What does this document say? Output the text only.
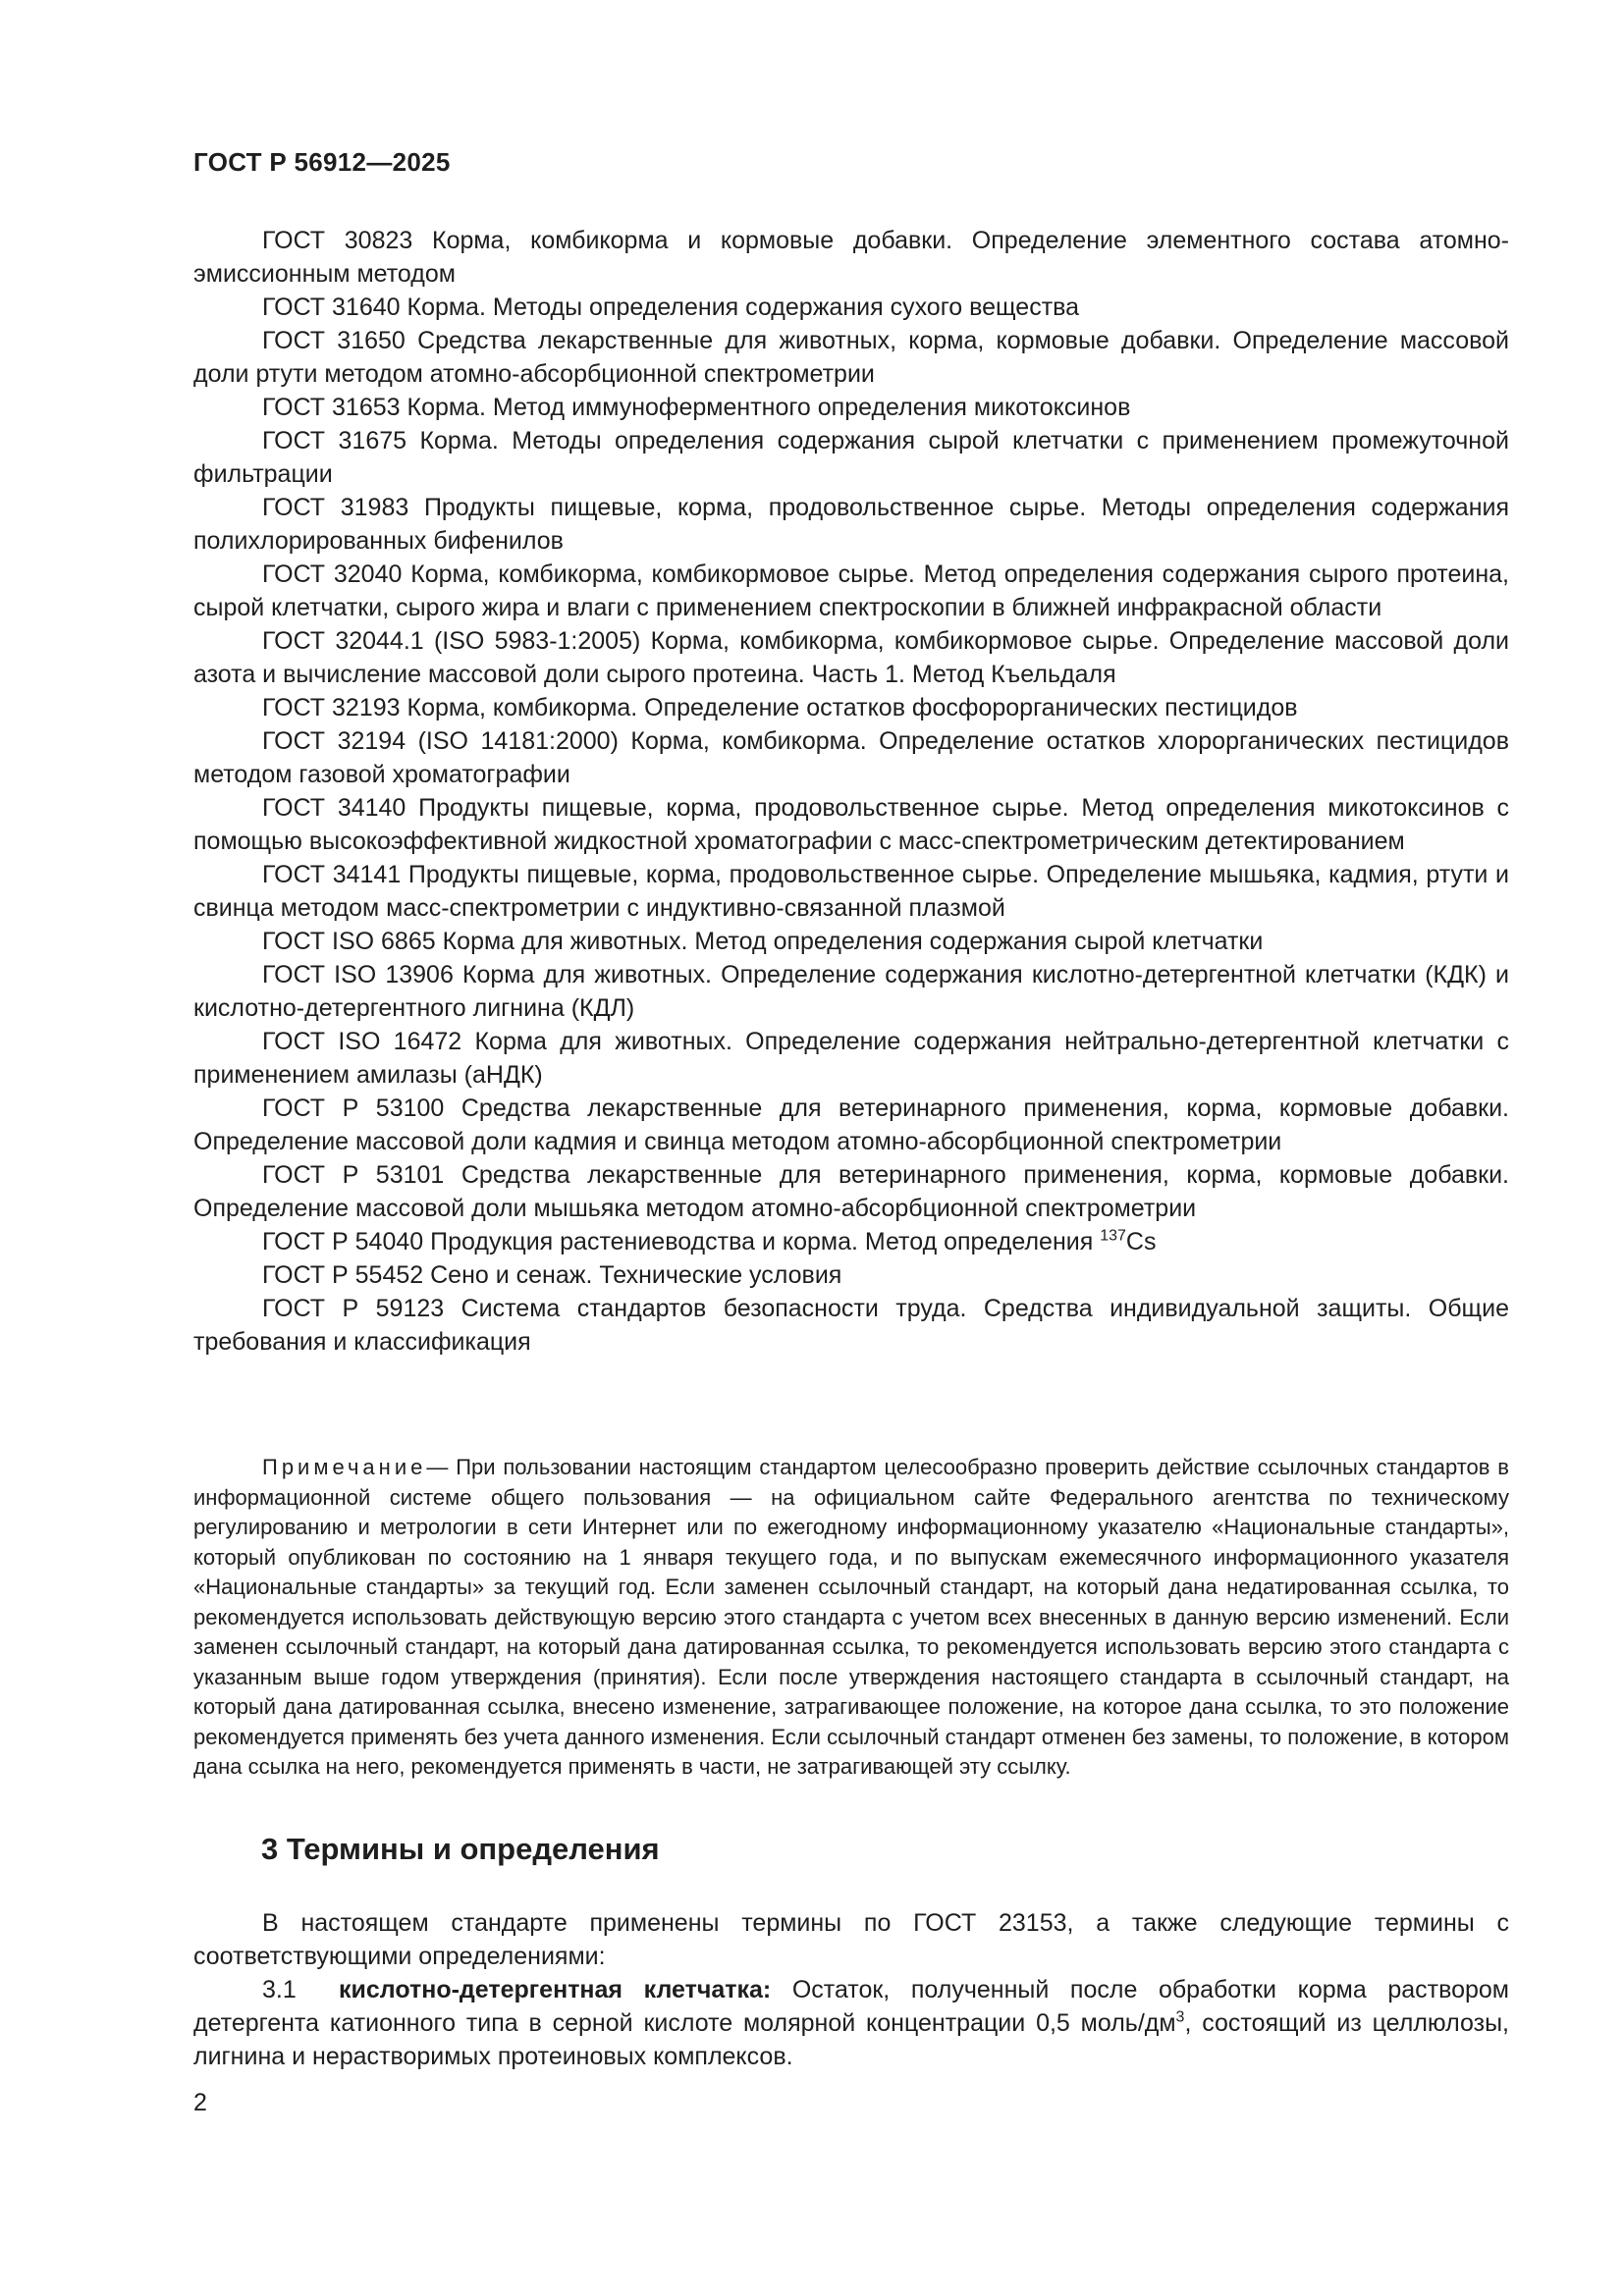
ГОСТ Р 56912—2025

ГОСТ 30823 Корма, комбикорма и кормовые добавки. Определение элементного состава атомно-эмиссионным методом

ГОСТ 31640 Корма. Методы определения содержания сухого вещества

ГОСТ 31650 Средства лекарственные для животных, корма, кормовые добавки. Определение массовой доли ртути методом атомно-абсорбционной спектрометрии

ГОСТ 31653 Корма. Метод иммуноферментного определения микотоксинов

ГОСТ 31675 Корма. Методы определения содержания сырой клетчатки с применением промежуточной фильтрации

ГОСТ 31983 Продукты пищевые, корма, продовольственное сырье. Методы определения содержания полихлорированных бифенилов

ГОСТ 32040 Корма, комбикорма, комбикормовое сырье. Метод определения содержания сырого протеина, сырой клетчатки, сырого жира и влаги с применением спектроскопии в ближней инфракрасной области

ГОСТ 32044.1 (ISO 5983-1:2005) Корма, комбикорма, комбикормовое сырье. Определение массовой доли азота и вычисление массовой доли сырого протеина. Часть 1. Метод Къельдаля

ГОСТ 32193 Корма, комбикорма. Определение остатков фосфорорганических пестицидов

ГОСТ 32194 (ISO 14181:2000) Корма, комбикорма. Определение остатков хлорорганических пестицидов методом газовой хроматографии

ГОСТ 34140 Продукты пищевые, корма, продовольственное сырье. Метод определения микотоксинов с помощью высокоэффективной жидкостной хроматографии с масс-спектрометрическим детектированием

ГОСТ 34141 Продукты пищевые, корма, продовольственное сырье. Определение мышьяка, кадмия, ртути и свинца методом масс-спектрометрии с индуктивно-связанной плазмой

ГОСТ ISO 6865 Корма для животных. Метод определения содержания сырой клетчатки

ГОСТ ISO 13906 Корма для животных. Определение содержания кислотно-детергентной клетчатки (КДК) и кислотно-детергентного лигнина (КДЛ)

ГОСТ ISO 16472 Корма для животных. Определение содержания нейтрально-детергентной клетчатки с применением амилазы (аНДК)

ГОСТ Р 53100 Средства лекарственные для ветеринарного применения, корма, кормовые добавки. Определение массовой доли кадмия и свинца методом атомно-абсорбционной спектрометрии

ГОСТ Р 53101 Средства лекарственные для ветеринарного применения, корма, кормовые добавки. Определение массовой доли мышьяка методом атомно-абсорбционной спектрометрии

ГОСТ Р 54040 Продукция растениеводства и корма. Метод определения $^{137}$Cs

ГОСТ Р 55452 Сено и сенаж. Технические условия

ГОСТ Р 59123 Система стандартов безопасности труда. Средства индивидуальной защиты. Общие требования и классификация

Примечание— При пользовании настоящим стандартом целесообразно проверить действие ссылочных стандартов в информационной системе общего пользования — на официальном сайте Федерального агентства по техническому регулированию и метрологии в сети Интернет или по ежегодному информационному указателю «Национальные стандарты», который опубликован по состоянию на 1 января текущего года, и по выпускам ежемесячного информационного указателя «Национальные стандарты» за текущий год. Если заменен ссылочный стандарт, на который дана недатированная ссылка, то рекомендуется использовать действующую версию этого стандарта с учетом всех внесенных в данную версию изменений. Если заменен ссылочный стандарт, на который дана датированная ссылка, то рекомендуется использовать версию этого стандарта с указанным выше годом утверждения (принятия). Если после утверждения настоящего стандарта в ссылочный стандарт, на который дана датированная ссылка, внесено изменение, затрагивающее положение, на которое дана ссылка, то это положение рекомендуется применять без учета данного изменения. Если ссылочный стандарт отменен без замены, то положение, в котором дана ссылка на него, рекомендуется применять в части, не затрагивающей эту ссылку.

3 Термины и определения

В настоящем стандарте применены термины по ГОСТ 23153, а также следующие термины с соответствующими определениями:

3.1 кислотно-детергентная клетчатка: Остаток, полученный после обработки корма раствором детергента катионного типа в серной кислоте молярной концентрации 0,5 моль/$дм^3$, состоящий из целлюлозы, лигнина и нерастворимых протеиновых комплексов.

2
